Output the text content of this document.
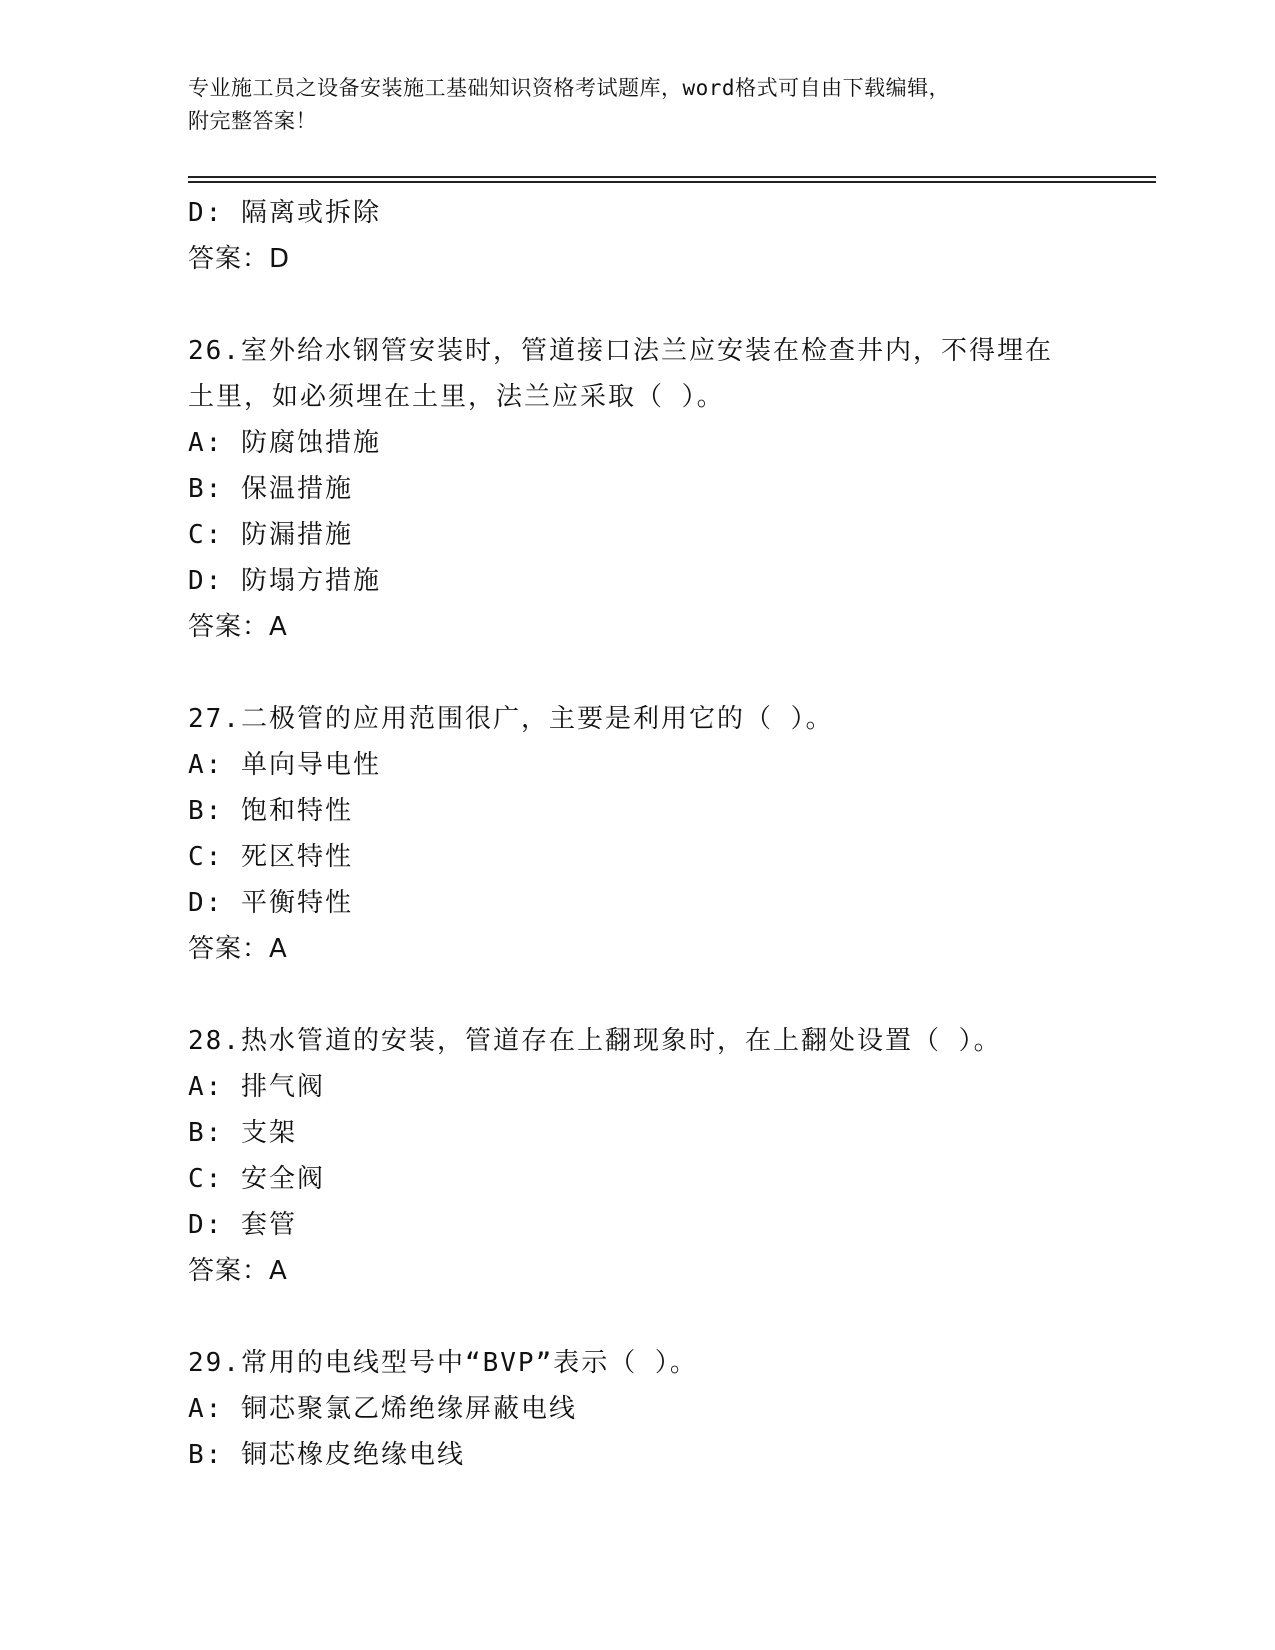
专业施工员之设备安装施工基础知识资格考试题库，word格式可自由下载编辑，
附完整答案！
D: 隔离或拆除
答案：D
26.室外给水钢管安装时，管道接口法兰应安装在检查井内，不得埋在
土里，如必须埋在土里，法兰应采取（ ）。
A: 防腐蚀措施
B: 保温措施
C: 防漏措施
D: 防塌方措施
答案：A
27.二极管的应用范围很广，主要是利用它的（ ）。
A: 单向导电性
B: 饱和特性
C: 死区特性
D: 平衡特性
答案：A
28.热水管道的安装，管道存在上翻现象时，在上翻处设置（ ）。
A: 排气阀
B: 支架
C: 安全阀
D: 套管
答案：A
29.常用的电线型号中“BVP”表示（ ）。
A: 铜芯聚氯乙烯绝缘屏蔽电线
B: 铜芯橡皮绝缘电线
